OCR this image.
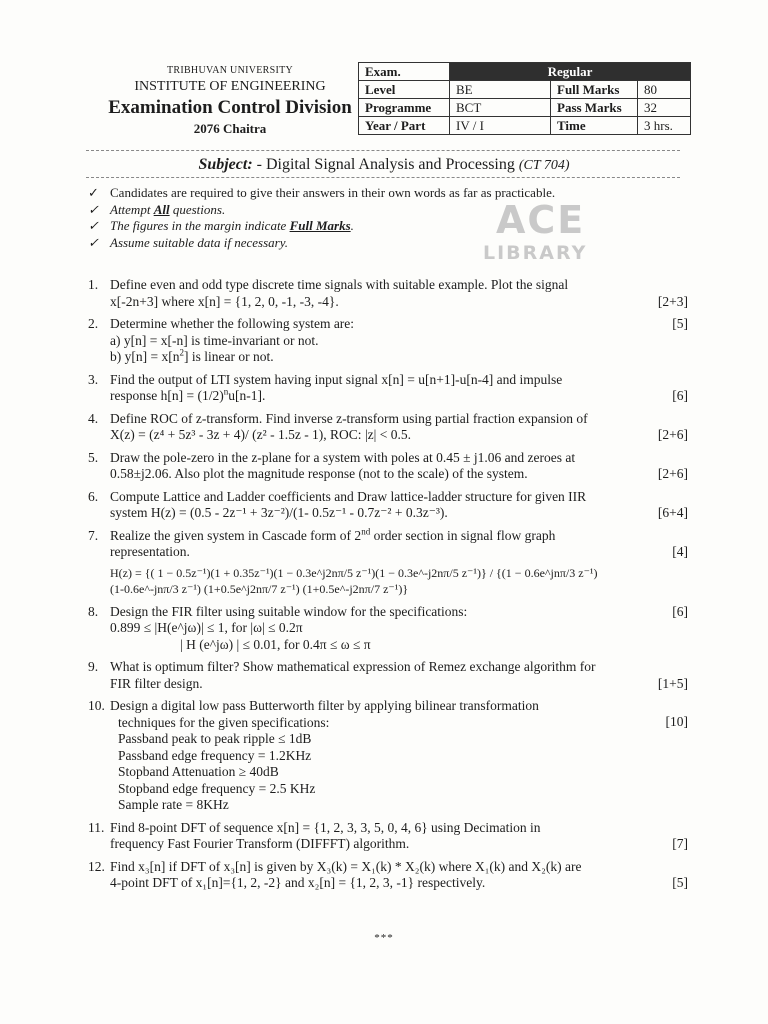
TRIBHUVAN UNIVERSITY
INSTITUTE OF ENGINEERING
Examination Control Division
2076 Chaitra
Exam.	Regular		
Level	BE	Full Marks	80
Programme	BCT	Pass Marks	32
Year / Part	IV / I	Time	3 hrs.
Subject: - Digital Signal Analysis and Processing (CT 704)
ACE
LIBRARY
✓ Candidates are required to give their answers in their own words as far as practicable.
✓ Attempt All questions.
✓ The figures in the margin indicate Full Marks.
✓ Assume suitable data if necessary.
1. Define even and odd type discrete time signals with suitable example. Plot the signal
x[-2n+3] where x[n] = {1, 2, 0, -1, -3, -4}.	[2+3]
2. Determine whether the following system are:
a) y[n] = x[-n] is time-invariant or not.
b) $y[n] = x[n^2]$ is linear or not.
[5]
3. Find the output of LTI system having input signal x[n] = u[n+1]-u[n-4] and impulse
response $h[n] = (1/2)^nu[n-1]$.	[6]
4. Define ROC of z-transform. Find inverse z-transform using partial fraction expansion of
X(z) = (z⁴ + 5z³ - 3z + 4)/ (z² - 1.5z - 1), ROC: |z| < 0.5.	[2+6]
5. Draw the pole-zero in the z-plane for a system with poles at 0.45 ± j1.06 and zeroes at
0.58±j2.06. Also plot the magnitude response (not to the scale) of the system.	[2+6]
6. Compute Lattice and Ladder coefficients and Draw lattice-ladder structure for given IIR
system H(z) = (0.5 - 2z⁻¹ + 3z⁻²)/(1- 0.5z⁻¹ - 0.7z⁻² + 0.3z⁻³).	[6+4]
7. Realize the given system in Cascade form of 2nd order section in signal flow graph
representation.
H(z) = {( 1 − 0.5z⁻¹)(1 + 0.35z⁻¹)(1 − 0.3e^j2nπ/5 z⁻¹)(1 − 0.3e^-j2nπ/5 z⁻¹)} / {(1 − 0.6e^jnπ/3 z⁻¹)
(1-0.6e^-jnπ/3 z⁻¹) (1+0.5e^j2nπ/7 z⁻¹) (1+0.5e^-j2nπ/7 z⁻¹)}
[4]
8. Design the FIR filter using suitable window for the specifications:
0.899 ≤ |H(e^jω)| ≤ 1, for |ω| ≤ 0.2π
| H (e^jω) | ≤ 0.01, for 0.4π ≤ ω ≤ π
[6]
9. What is optimum filter? Show mathematical expression of Remez exchange algorithm for
FIR filter design.	[1+5]
10. Design a digital low pass Butterworth filter by applying bilinear transformation
techniques for the given specifications:
Passband peak to peak ripple ≤ 1dB
Passband edge frequency = 1.2KHz
Stopband Attenuation ≥ 40dB
Stopband edge frequency = 2.5 KHz
Sample rate = 8KHz
[10]
11. Find 8-point DFT of sequence x[n] = {1, 2, 3, 3, 5, 0, 4, 6} using Decimation in
frequency Fast Fourier Transform (DIFFFT) algorithm.	[7]
12. Find x₃[n] if DFT of x₃[n] is given by X₃(k) = X₁(k) * X₂(k) where X₁(k) and X₂(k) are
4-point DFT of x₁[n]={1, 2, -2} and x₂[n] = {1, 2, 3, -1} respectively.	[5]
***
